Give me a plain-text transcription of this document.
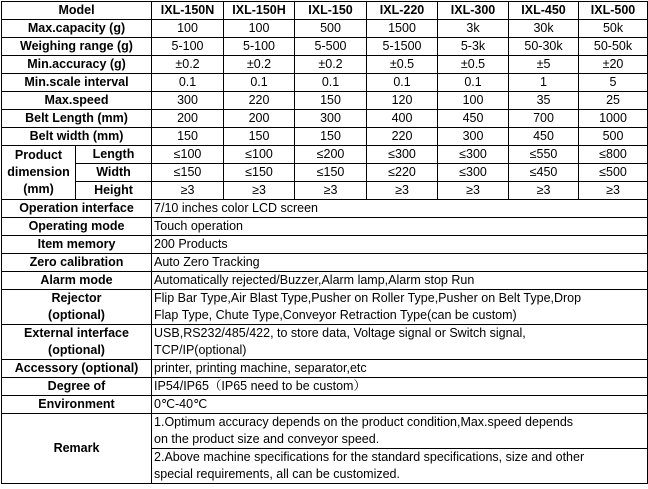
Model		IXL-150N	IXL-150H	IXL-150	IXL-220	IXL-300	IXL-450	IXL-500
Max.capacity (g)		100	100	500	1500	3k	30k	50k
Weighing range (g)		5-100	5-100	5-500	5-1500	5-3k	50-30k	50-50k
Min.accuracy (g)		±0.2	±0.2	±0.2	±0.5	±0.5	±5	±20
Min.scale interval		0.1	0.1	0.1	0.1	0.1	1	5
Max.speed		300	220	150	120	100	35	25
Belt Length (mm)		200	200	300	400	450	700	1000
Belt width (mm)		150	150	150	220	300	450	500

Product
dimension
(mm)	Length	≤100	≤100	≤200	≤300	≤300	≤550	≤800
	Width	≤150	≤150	≤150	≤220	≤300	≤450	≤500
	Height	≥3	≥3	≥3	≥3	≥3	≥3	≥3
Operation interface		7/10 inches color LCD screen						
Operating mode		Touch operation						
Item memory		200 Products						
Zero calibration		Auto Zero Tracking						
Alarm mode		Automatically rejected/Buzzer,Alarm lamp,Alarm stop Run						

Rejector
(optional)		Flip Bar Type,Air Blast Type,Pusher on Roller Type,Pusher on Belt Type,Drop
Flap Type, Chute Type,Conveyor Retraction Type(can be custom)						

External interface
(optional)		USB,RS232/485/422, to store data, Voltage signal or Switch signal,
TCP/IP(optional)						

Accessory (optional)		printer, printing machine, separator,etc						
Degree of		IP54/IP65（IP65 need to be custom）						
Environment		0℃-40℃						
Remark		1.Optimum accuracy depends on the product condition,Max.speed depends
on the product size and conveyor speed.						

		2.Above machine specifications for the standard specifications, size and other
special requirements, all can be customized.						
